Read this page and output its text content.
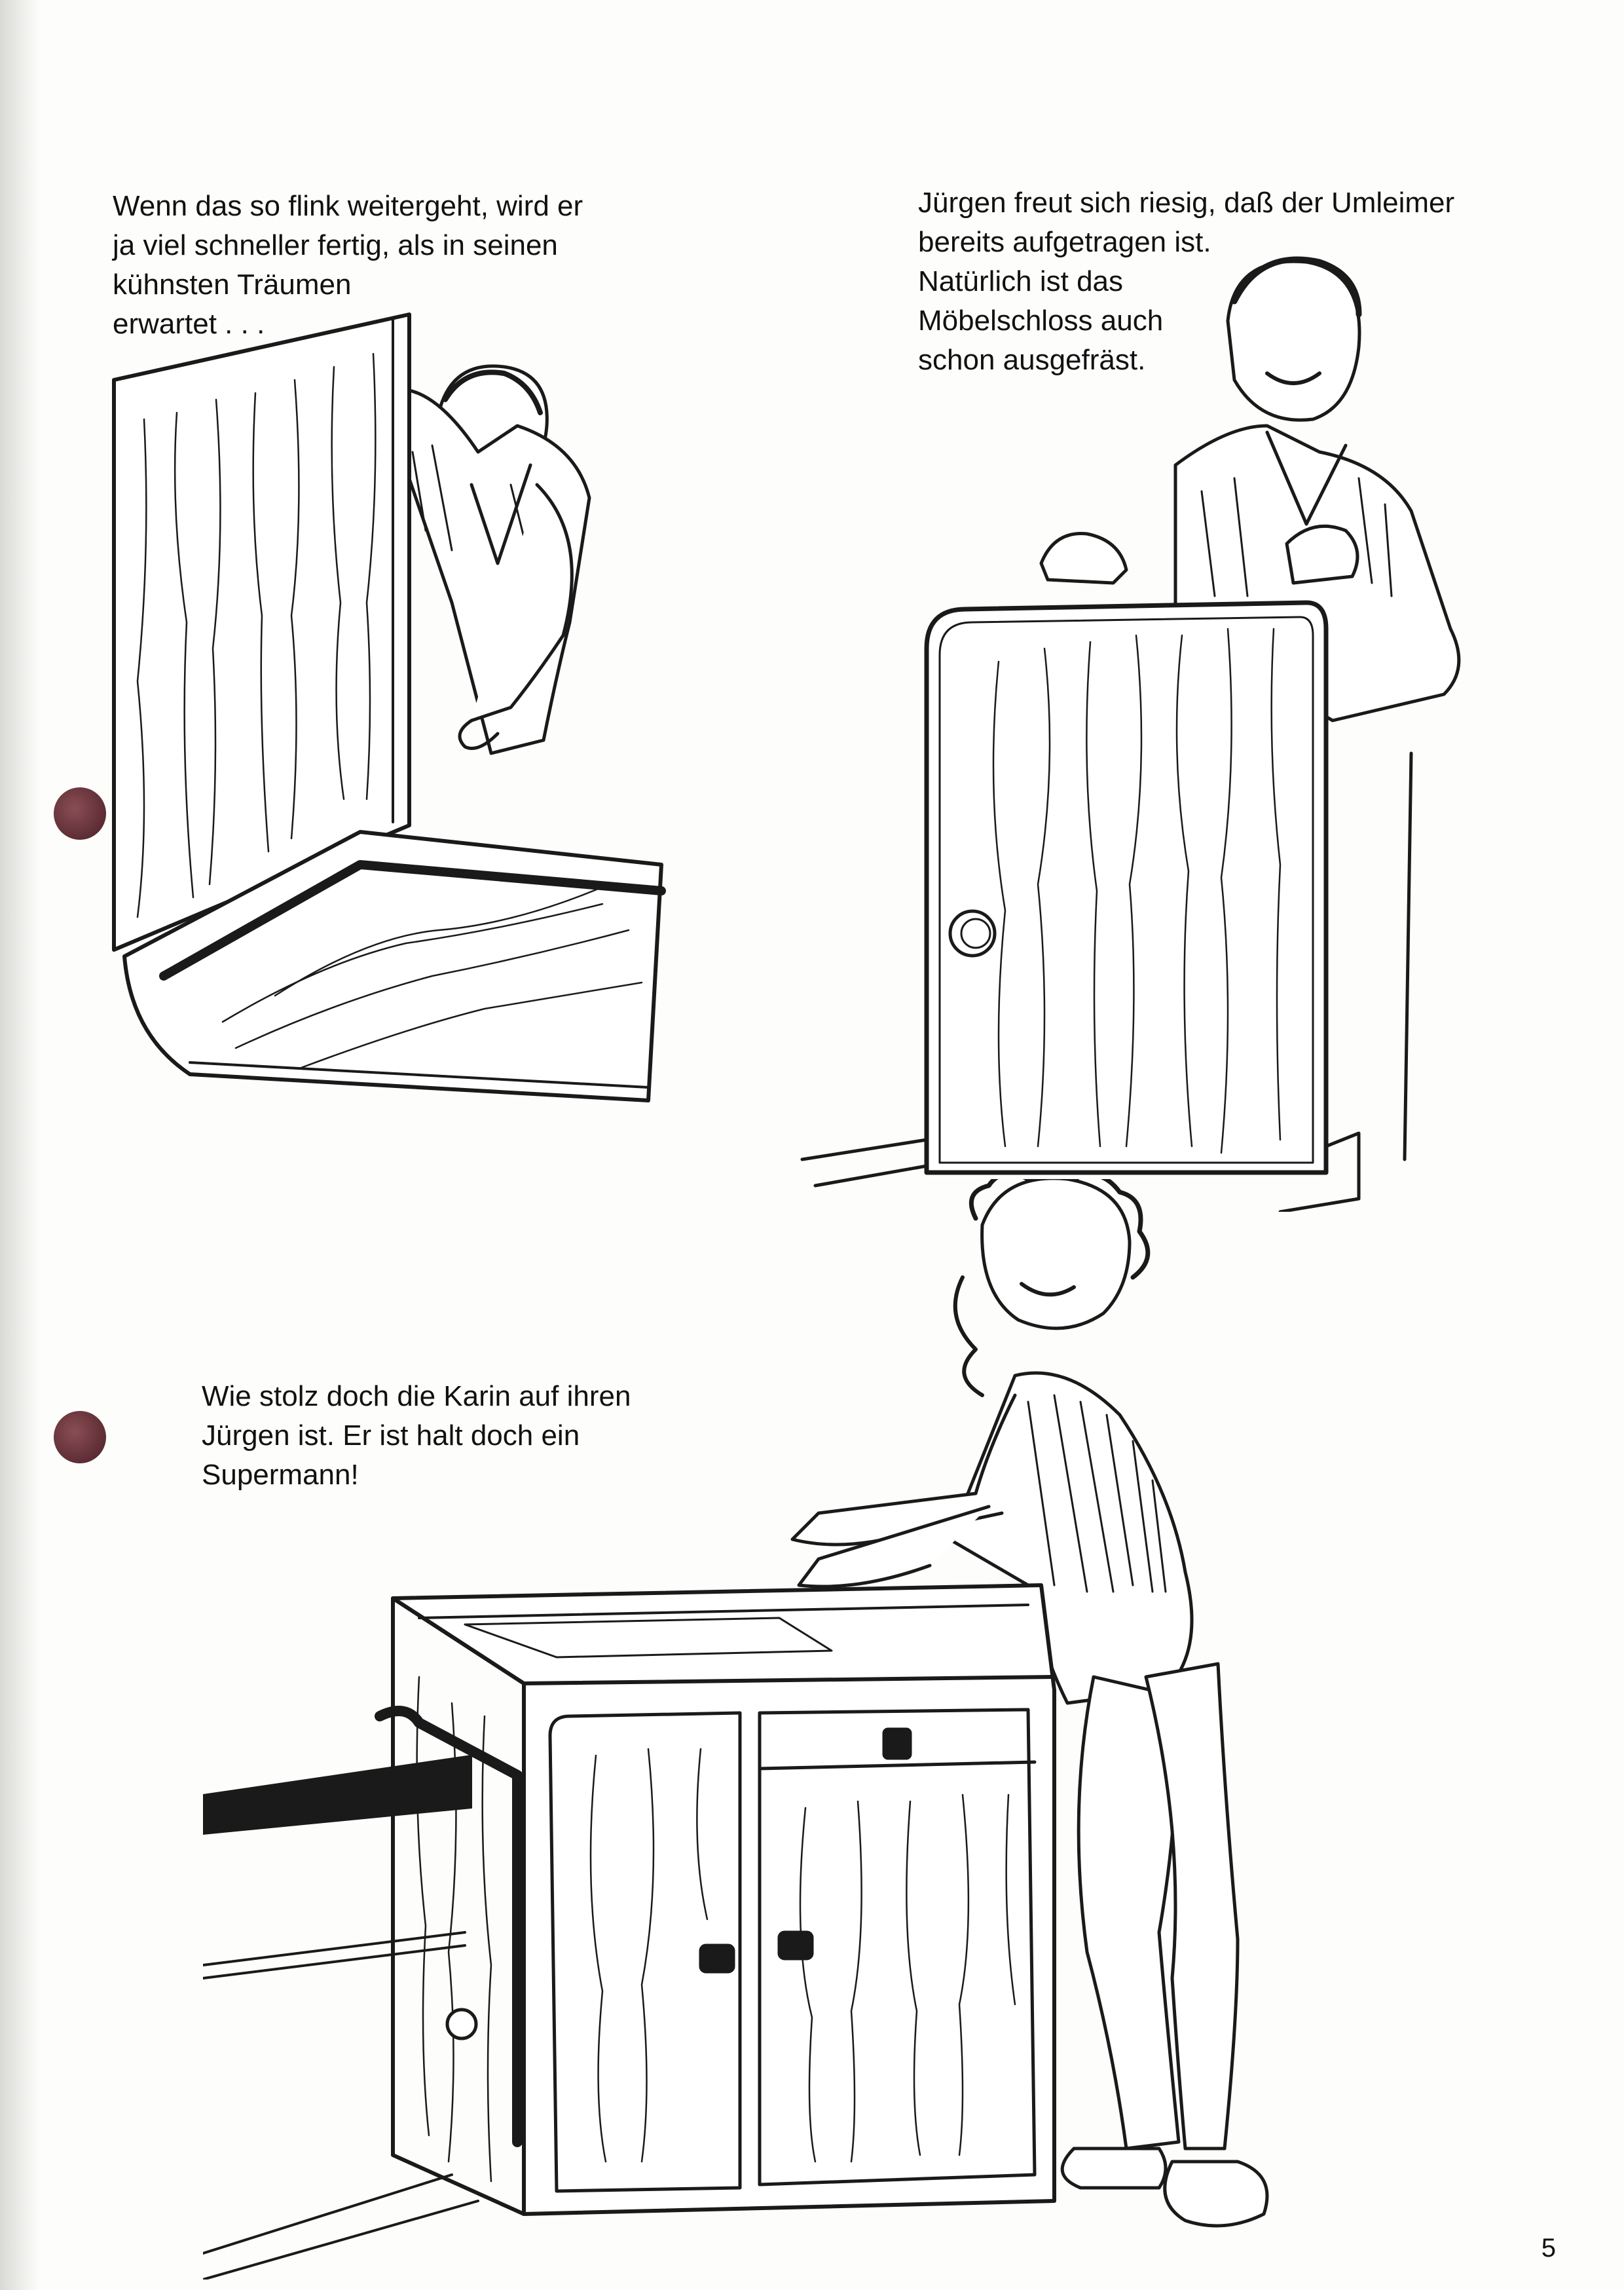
Wenn das so flink weitergeht, wird er
ja viel schneller fertig, als in seinen
kühnsten Träumen
erwartet . . .

Jürgen freut sich riesig, daß der Umleimer
bereits aufgetragen ist.
Natürlich ist das
Möbelschloss auch
schon ausgefräst.

Wie stolz doch die Karin auf ihren
Jürgen ist. Er ist halt doch ein
Supermann!

5
